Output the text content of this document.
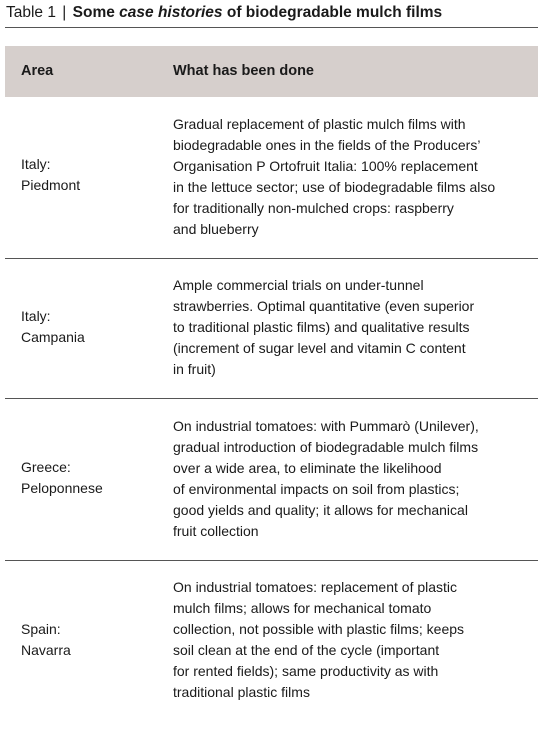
Table 1 | Some case histories of biodegradable mulch films
Area	What has been done
Italy:
Piedmont
Gradual replacement of plastic mulch films with
biodegradable ones in the fields of the Producers’
Organisation P Ortofruit Italia: 100% replacement
in the lettuce sector; use of biodegradable films also
for traditionally non-mulched crops: raspberry
and blueberry
Italy:
Campania
Ample commercial trials on under-tunnel
strawberries. Optimal quantitative (even superior
to traditional plastic films) and qualitative results
(increment of sugar level and vitamin C content
in fruit)
Greece:
Peloponnese
On industrial tomatoes: with Pummarò (Unilever),
gradual introduction of biodegradable mulch films
over a wide area, to eliminate the likelihood
of environmental impacts on soil from plastics;
good yields and quality; it allows for mechanical
fruit collection
Spain:
Navarra
On industrial tomatoes: replacement of plastic
mulch films; allows for mechanical tomato
collection, not possible with plastic films; keeps
soil clean at the end of the cycle (important
for rented fields); same productivity as with
traditional plastic films
